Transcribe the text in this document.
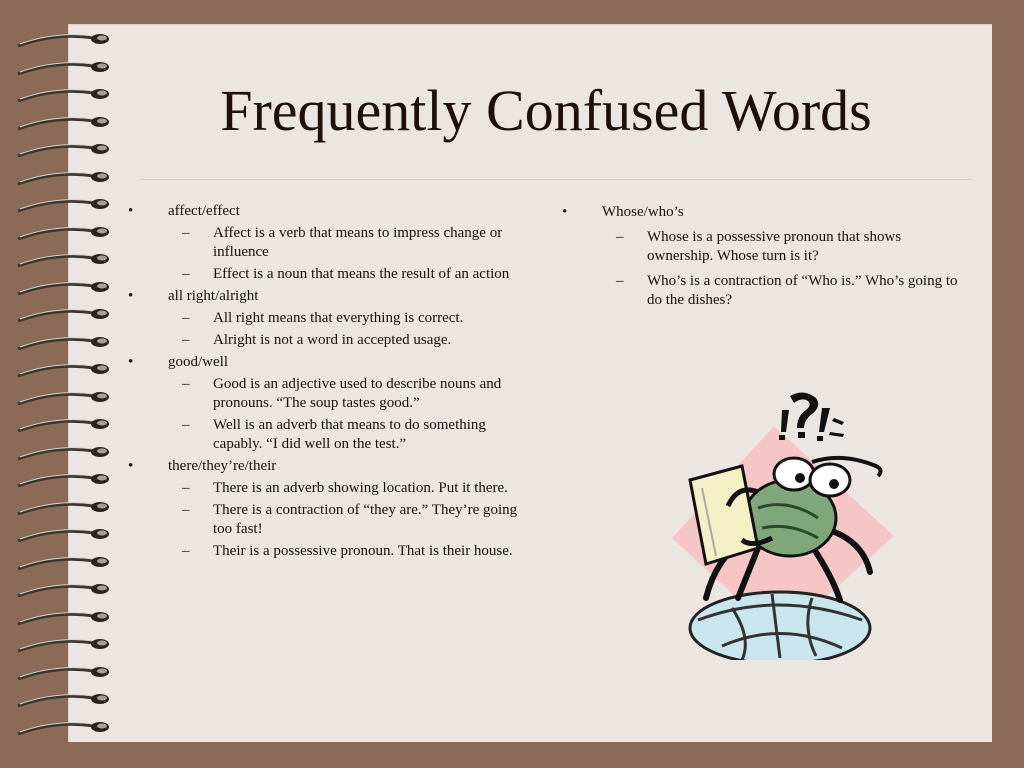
Frequently Confused Words
• affect/effect
– Affect is a verb that means to impress change or influence
– Effect is a noun that means the result of an action
• all right/alright
– All right means that everything is correct.
– Alright is not a word in accepted usage.
• good/well
– Good is an adjective used to describe nouns and pronouns. “The soup tastes good.”
– Well is an adverb that means to do something capably. “I did well on the test.”
• there/they’re/their
– There is an adverb showing location. Put it there.
– There is a contraction of “they are.” They’re going too fast!
– Their is a possessive pronoun. That is their house.
• Whose/who’s
– Whose is a possessive pronoun that shows ownership. Whose turn is it?
– Who’s is a contraction of “Who is.” Who’s going to do the dishes?
